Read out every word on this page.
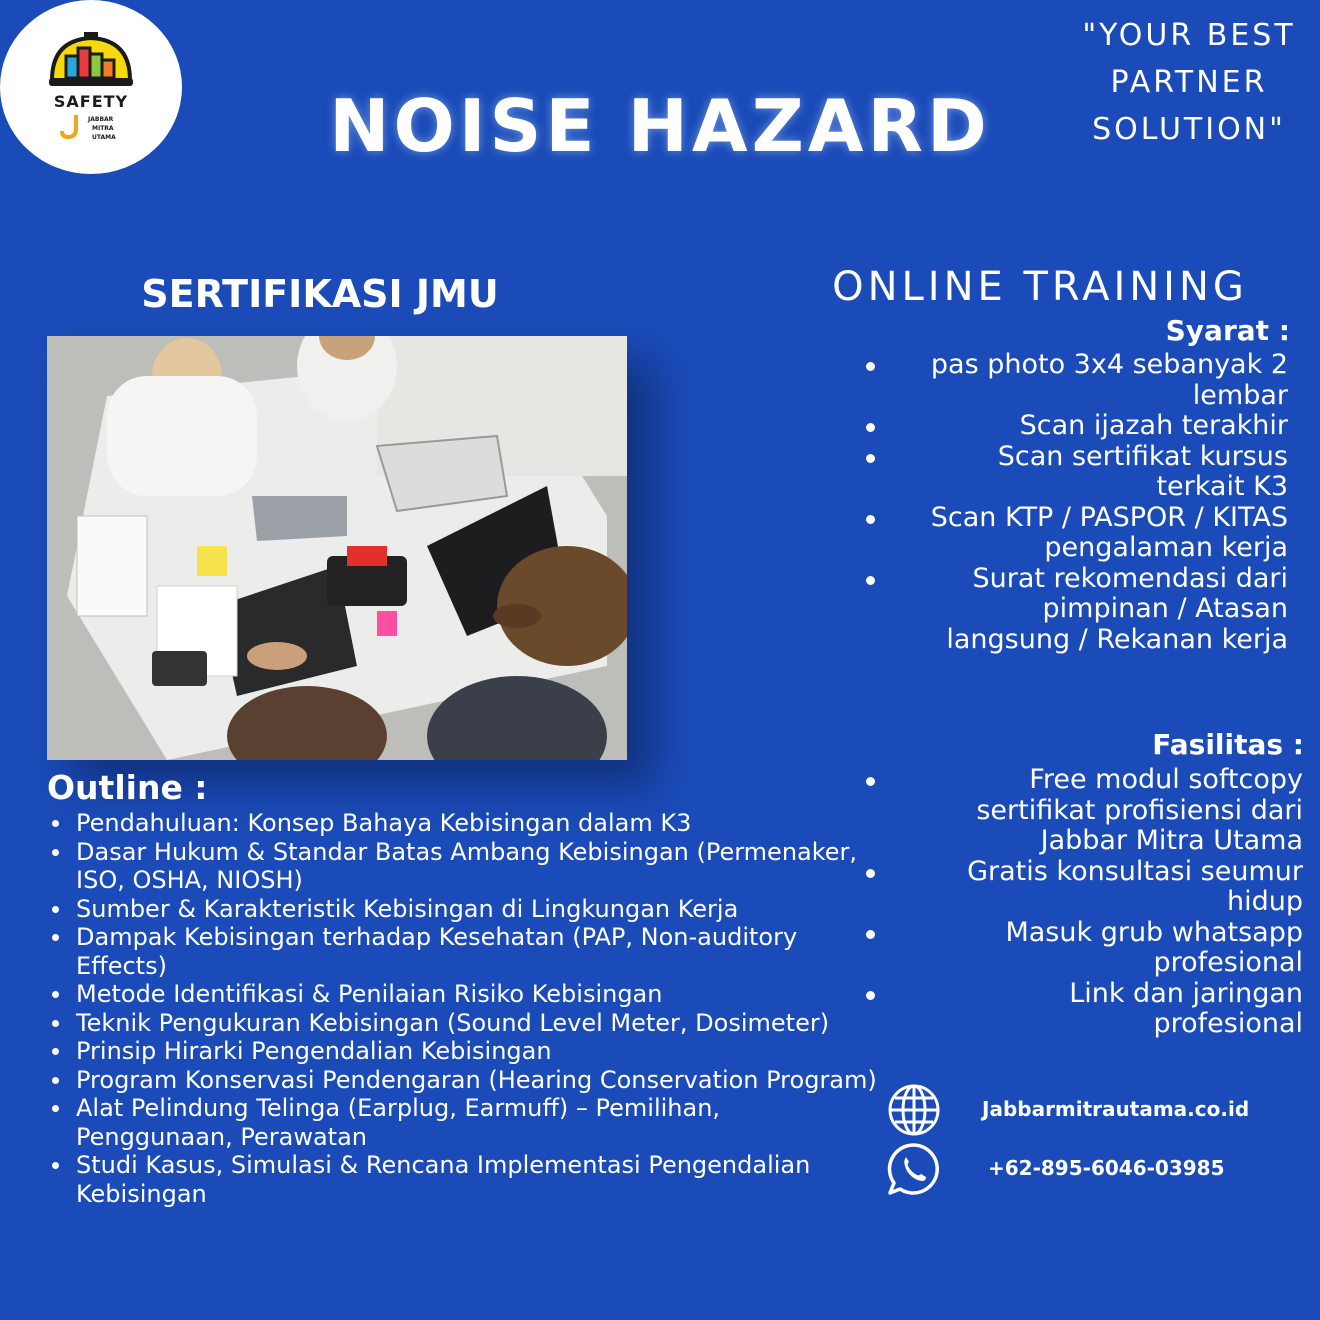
SAFETY
JABBAR
MITRA
UTAMA	NOISE HAZARD
"YOUR BEST
PARTNER
SOLUTION"
SERTIFIKASI JMU
Outline :
Pendahuluan: Konsep Bahaya Kebisingan dalam K3
Dasar Hukum & Standar Batas Ambang Kebisingan (Permenaker, ISO, OSHA, NIOSH)
Sumber & Karakteristik Kebisingan di Lingkungan Kerja
Dampak Kebisingan terhadap Kesehatan (PAP, Non-auditory Effects)
Metode Identifikasi & Penilaian Risiko Kebisingan
Teknik Pengukuran Kebisingan (Sound Level Meter, Dosimeter)
Prinsip Hirarki Pengendalian Kebisingan
Program Konservasi Pendengaran (Hearing Conservation Program)
Alat Pelindung Telinga (Earplug, Earmuff) – Pemilihan, Penggunaan, Perawatan
Studi Kasus, Simulasi & Rencana Implementasi Pengendalian Kebisingan
ONLINE TRAINING
Syarat :
pas photo 3x4 sebanyak 2 lembar
Scan ijazah terakhir
Scan sertifikat kursus terkait K3
Scan KTP / PASPOR / KITAS pengalaman kerja
Surat rekomendasi dari pimpinan / Atasan langsung / Rekanan kerja
Fasilitas :
Free modul softcopy sertifikat profisiensi dari Jabbar Mitra Utama
Gratis konsultasi seumur hidup
Masuk grub whatsapp profesional
Link dan jaringan profesional
Jabbarmitrautama.co.id
+62-895-6046-03985
